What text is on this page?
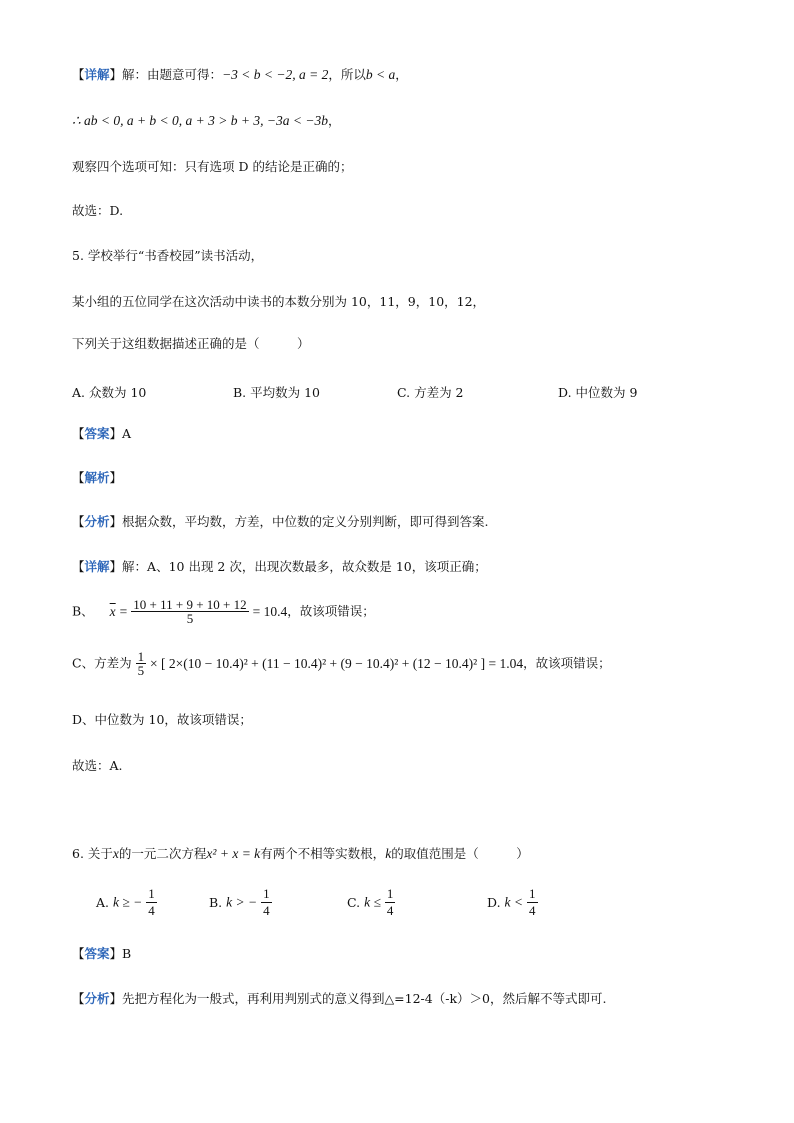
【详解】解：由题意可得：−3 < b < −2, a = 2，所以b < a，
∴ ab < 0, a + b < 0, a + 3 > b + 3, −3a < −3b，
观察四个选项可知：只有选项 D 的结论是正确的；
故选：D.
5. 学校举行“书香校园”读书活动，
某小组的五位同学在这次活动中读书的本数分别为 10，11，9，10，12，
下列关于这组数据描述正确的是（　　　）
A. 众数为 10	B. 平均数为 10	C. 方差为 2	D. 中位数为 9
【答案】A
【解析】
【分析】根据众数，平均数，方差，中位数的定义分别判断，即可得到答案.
【详解】解：A、10 出现 2 次，出现次数最多，故众数是 10，该项正确；
B、 $\overline{x} = \frac{10 + 11 + 9 + 10 + 12}{5} = 10.4$，故该项错误；
C、方差为 $\frac{1}{5}$ × [ 2×(10 − 10.4)² + (11 − 10.4)² + (9 − 10.4)² + (12 − 10.4)² ] = 1.04，故该项错误；
D、中位数为 10，故该项错误；
故选：A.
6. 关于x的一元二次方程x² + x = k有两个不相等实数根，k的取值范围是（　　　）
A. k ≥ − $\frac{1}{4}$	B. k > − $\frac{1}{4}$	C. $k \le \frac{1}{4}$	D. $k < \frac{1}{4}$
【答案】B
【分析】先把方程化为一般式，再利用判别式的意义得到△=12-4（-k）＞0，然后解不等式即可.
